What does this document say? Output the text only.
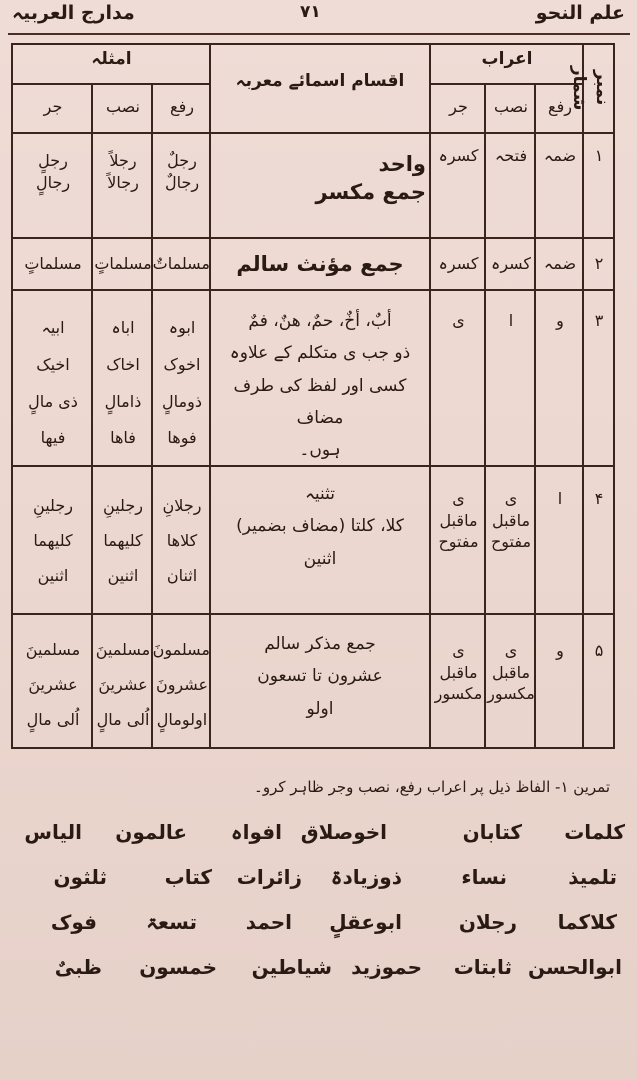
مدارج العربیہ	۷۱	علم النحو
نمبر شمار
اعراب
اقسام اسمائے معربہ
امثلہ
رفع
نصب
جر
رفع
نصب
جر
۱
ضمہ
فتحہ
کسرہ
واحد
جمع مکسر
رجلٌ
رجالٌ
رجلاً
رجالاً
رجلٍ
رجالٍ
۲
ضمہ
کسرہ
کسرہ
جمع مؤنث سالم
مسلماتٌ
مسلماتٍ
مسلماتٍ
۳
و
ا
ی
أبٌ، أخٌ، حمٌ، ھنٌ، فمٌ
ذو جب ی متکلم کے علاوہ
کسی اور لفظ کی طرف مضاف
ہوں۔
ابوہ
اخوک
ذومالٍ
فوھا
اباہ
اخاک
ذامالٍ
فاھا
ابیہ
اخیک
ذی مالٍ
فیھا
۴
ا
ی
ماقبل
مفتوح
ی
ماقبل
مفتوح
تثنیہ
کلا، کلتا (مضاف بضمیر)
اثنین
رجلانِ
کلاھا
اثنان
رجلینِ
کلیھما
اثنین
رجلینِ
کلیھما
اثنین
۵
و
ی
ماقبل
مکسور
ی
ماقبل
مکسور
جمع مذکر سالم
عشرون تا تسعون
اولو
مسلمونَ
عشرونَ
اولومالٍ
مسلمینَ
عشرینَ
اُلی مالٍ
مسلمینَ
عشرینَ
اُلی مالٍ
تمرین ۱- الفاظ ذیل پر اعراب رفع، نصب وجر ظاہر کرو۔
کلمات
کتابان
اخوصلاق
افواہ
عالمون
الیاس
تلمیذ
نساء
ذوزیادۃ
زائرات
کتاب
ثلثون
کلاکما
رجلان
ابوعقلٍ
احمد
تسعۃ
فوک
ابوالحسن
ثابتات
حموزید
شیاطین
خمسون
ظبیٌ
